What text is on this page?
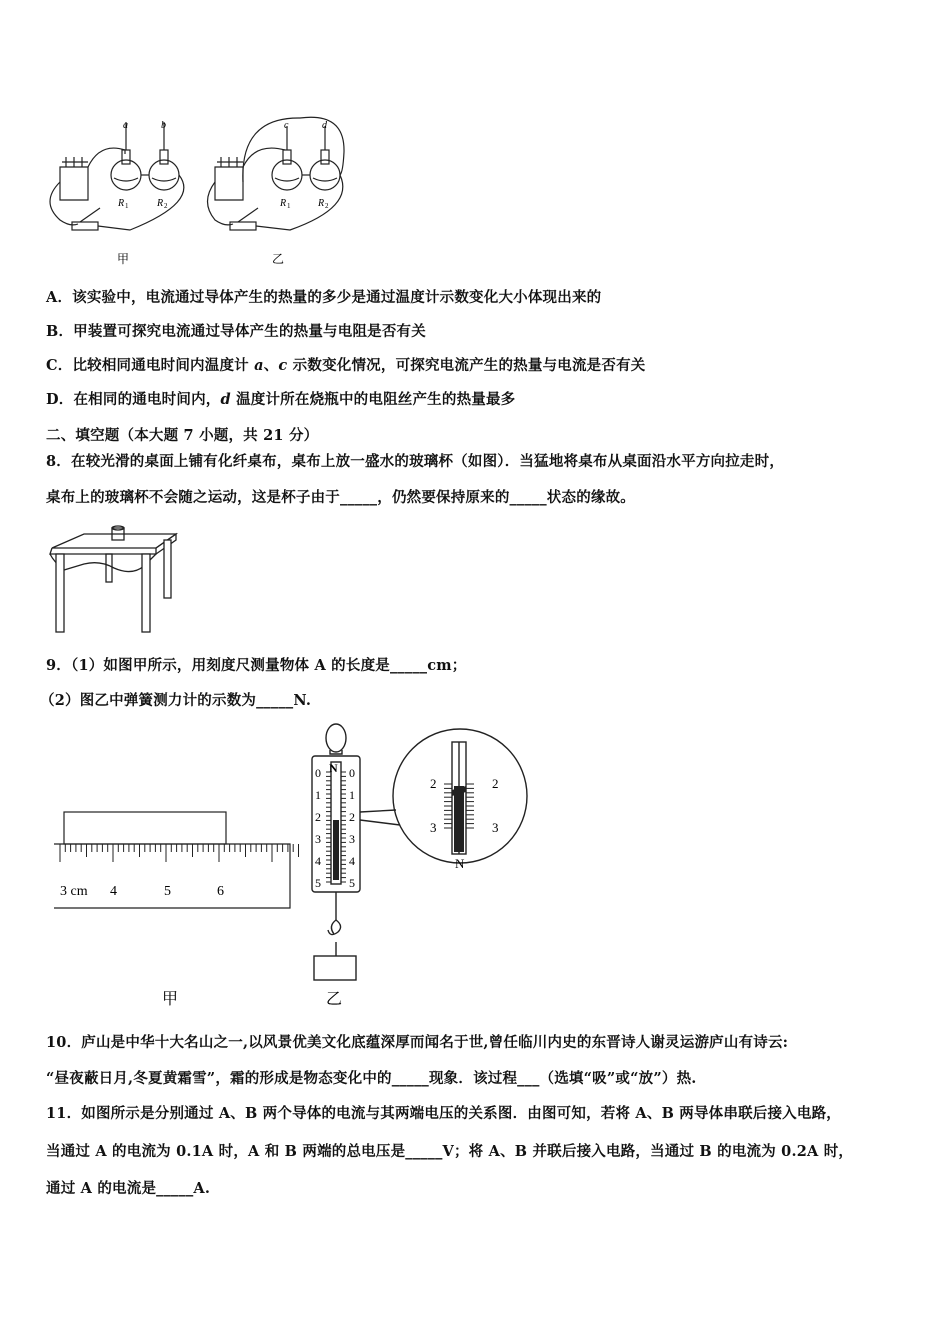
a	b	c	d
R 1	R 2	R 1	R 2
甲	乙
A．该实验中，电流通过导体产生的热量的多少是通过温度计示数变化大小体现出来的
B．甲装置可探究电流通过导体产生的热量与电阻是否有关
C．比较相同通电时间内温度计 a、c 示数变化情况，可探究电流产生的热量与电流是否有关
D．在相同的通电时间内，d 温度计所在烧瓶中的电阻丝产生的热量最多
二、填空题（本大题 7 小题，共 21 分）
8．在较光滑的桌面上铺有化纤桌布，桌布上放一盛水的玻璃杯（如图）．当猛地将桌布从桌面沿水平方向拉走时，
桌布上的玻璃杯不会随之运动，这是杯子由于_____，仍然要保持原来的_____状态的缘故。
9．（1）如图甲所示，用刻度尺测量物体 A 的长度是_____cm；
（2）图乙中弹簧测力计的示数为_____N.
3 cm 4	5	6
甲
N
0
1
2
3
4
5
0
1
2
3
4
5
2	2
3	3
N
乙
10．庐山是中华十大名山之一,以风景优美文化底蕴深厚而闻名于世,曾任临川内史的东晋诗人谢灵运游庐山有诗云:
“昼夜蔽日月,冬夏黄霜雪”，霜的形成是物态变化中的_____现象．该过程___（选填“吸”或“放”）热.
11．如图所示是分别通过 A、B 两个导体的电流与其两端电压的关系图．由图可知，若将 A、B 两导体串联后接入电路，
当通过 A 的电流为 0.1A 时，A 和 B 两端的总电压是_____V；将 A、B 并联后接入电路，当通过 B 的电流为 0.2A 时，
通过 A 的电流是_____A.
